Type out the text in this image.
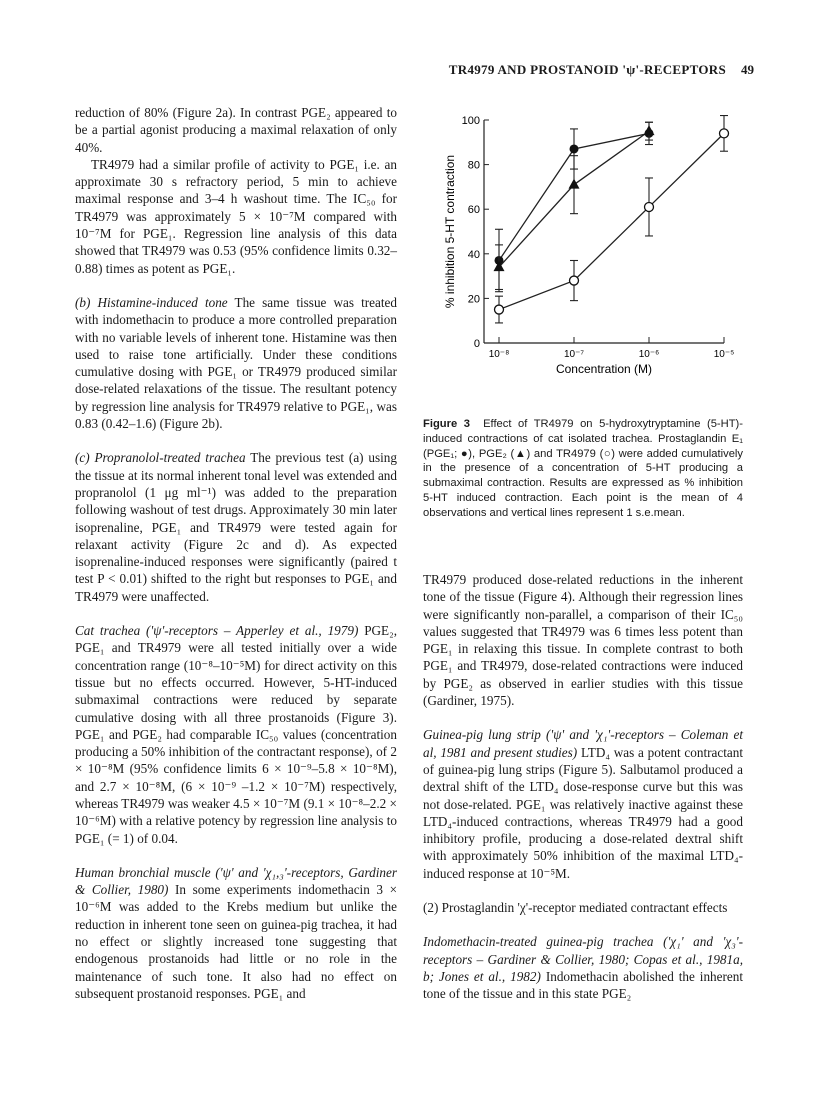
TR4979 AND PROSTANOID 'ψ'-RECEPTORS 49

reduction of 80% (Figure 2a). In contrast PGE₂ appeared to be a partial agonist producing a maximal relaxation of only 40%.

TR4979 had a similar profile of activity to PGE₁ i.e. an approximate 30 s refractory period, 5 min to achieve maximal response and 3–4 h washout time. The IC₅₀ for TR4979 was approximately 5 × 10⁻⁷M compared with 10⁻⁷M for PGE₁. Regression line analysis of this data showed that TR4979 was 0.53 (95% confidence limits 0.32–0.88) times as potent as PGE₁.

(b) Histamine-induced tone The same tissue was treated with indomethacin to produce a more controlled preparation with no variable levels of inherent tone. Histamine was then used to raise tone artificially. Under these conditions cumulative dosing with PGE₁ or TR4979 produced similar dose-related relaxations of the tissue. The resultant potency by regression line analysis for TR4979 relative to PGE₁, was 0.83 (0.42–1.6) (Figure 2b).

(c) Propranolol-treated trachea The previous test (a) using the tissue at its normal inherent tonal level was extended and propranolol (1 μg ml⁻¹) was added to the preparation following washout of test drugs. Approximately 30 min later isoprenaline, PGE₁ and TR4979 were tested again for relaxant activity (Figure 2c and d). As expected isoprenaline-induced responses were significantly (paired t test P < 0.01) shifted to the right but responses to PGE₁ and TR4979 were unaffected.

Cat trachea ('ψ'-receptors – Apperley et al., 1979) PGE₂, PGE₁ and TR4979 were all tested initially over a wide concentration range (10⁻⁸–10⁻⁵M) for direct activity on this tissue but no effects occurred. However, 5-HT-induced submaximal contractions were reduced by separate cumulative dosing with all three prostanoids (Figure 3). PGE₁ and PGE₂ had comparable IC₅₀ values (concentration producing a 50% inhibition of the contractant response), of 2 × 10⁻⁸M (95% confidence limits 6 × 10⁻⁹–5.8 × 10⁻⁸M), and 2.7 × 10⁻⁸M, (6 × 10⁻⁹ –1.2 × 10⁻⁷M) respectively, whereas TR4979 was weaker 4.5 × 10⁻⁷M (9.1 × 10⁻⁸–2.2 × 10⁻⁶M) with a relative potency by regression line analysis to PGE₁ (= 1) of 0.04.

Human bronchial muscle ('ψ' and 'χ₁,₃'-receptors, Gardiner & Collier, 1980) In some experiments indomethacin 3 × 10⁻⁶M was added to the Krebs medium but unlike the reduction in inherent tone seen on guinea-pig trachea, it had no effect or slightly increased tone suggesting that endogenous prostanoids had little or no role in the maintenance of such tone. It also had no effect on subsequent prostanoid responses. PGE₁ and

0
20
40
60
80
100
10⁻⁸	10⁻⁷	10⁻⁶	10⁻⁵
Concentration (M)
% inhibition 5-HT contraction
Figure 3 Effect of TR4979 on 5-hydroxytryptamine (5-HT)-induced contractions of cat isolated trachea. Prostaglandin E₁ (PGE₁; ●), PGE₂ (▲) and TR4979 (○) were added cumulatively in the presence of a concentration of 5-HT producing a submaximal contraction. Results are expressed as % inhibition 5-HT induced contraction. Each point is the mean of 4 observations and vertical lines represent 1 s.e.mean.

TR4979 produced dose-related reductions in the inherent tone of the tissue (Figure 4). Although their regression lines were significantly non-parallel, a comparison of their IC₅₀ values suggested that TR4979 was 6 times less potent than PGE₁ in relaxing this tissue. In complete contrast to both PGE₁ and TR4979, dose-related contractions were induced by PGE₂ as observed in earlier studies with this tissue (Gardiner, 1975).

Guinea-pig lung strip ('ψ' and 'χ₁'-receptors – Coleman et al, 1981 and present studies) LTD₄ was a potent contractant of guinea-pig lung strips (Figure 5). Salbutamol produced a dextral shift of the LTD₄ dose-response curve but this was not dose-related. PGE₁ was relatively inactive against these LTD₄-induced contractions, whereas TR4979 had a good inhibitory profile, producing a dose-related dextral shift with approximately 50% inhibition of the maximal LTD₄-induced response at 10⁻⁵M.

(2) Prostaglandin 'χ'-receptor mediated contractant effects

Indomethacin-treated guinea-pig trachea ('χ₁' and 'χ₃'-receptors – Gardiner & Collier, 1980; Copas et al., 1981a, b; Jones et al., 1982) Indomethacin abolished the inherent tone of the tissue and in this state PGE₂
